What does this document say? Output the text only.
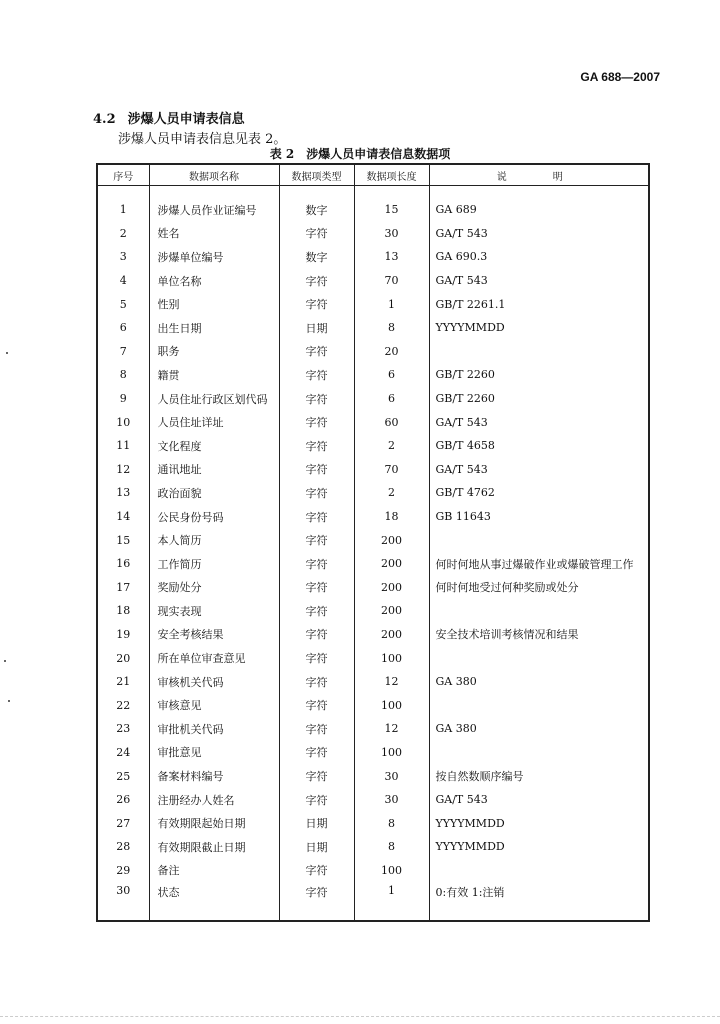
GA 688—2007
4.2 涉爆人员申请表信息
涉爆人员申请表信息见表 2。
表 2　涉爆人员申请表信息数据项
序号	数据项名称	数据项类型	数据项长度	说　明

1	涉爆人员作业证编号	数字	15	GA 689
2	姓名	字符	30	GA/T 543
3	涉爆单位编号	数字	13	GA 690.3
4	单位名称	字符	70	GA/T 543
5	性别	字符	1	GB/T 2261.1
6	出生日期	日期	8	YYYYMMDD
7	职务	字符	20	
8	籍贯	字符	6	GB/T 2260
9	人员住址行政区划代码	字符	6	GB/T 2260
10	人员住址详址	字符	60	GA/T 543
11	文化程度	字符	2	GB/T 4658
12	通讯地址	字符	70	GA/T 543
13	政治面貌	字符	2	GB/T 4762
14	公民身份号码	字符	18	GB 11643
15	本人简历	字符	200	
16	工作简历	字符	200	何时何地从事过爆破作业或爆破管理工作
17	奖励处分	字符	200	何时何地受过何种奖励或处分
18	现实表现	字符	200	
19	安全考核结果	字符	200	安全技术培训考核情况和结果
20	所在单位审查意见	字符	100	
21	审核机关代码	字符	12	GA 380
22	审核意见	字符	100	
23	审批机关代码	字符	12	GA 380
24	审批意见	字符	100	
25	备案材料编号	字符	30	按自然数顺序编号
26	注册经办人姓名	字符	30	GA/T 543
27	有效期限起始日期	日期	8	YYYYMMDD
28	有效期限截止日期	日期	8	YYYYMMDD
29	备注	字符	100	
30	状态	字符	1	0:有效 1:注销
